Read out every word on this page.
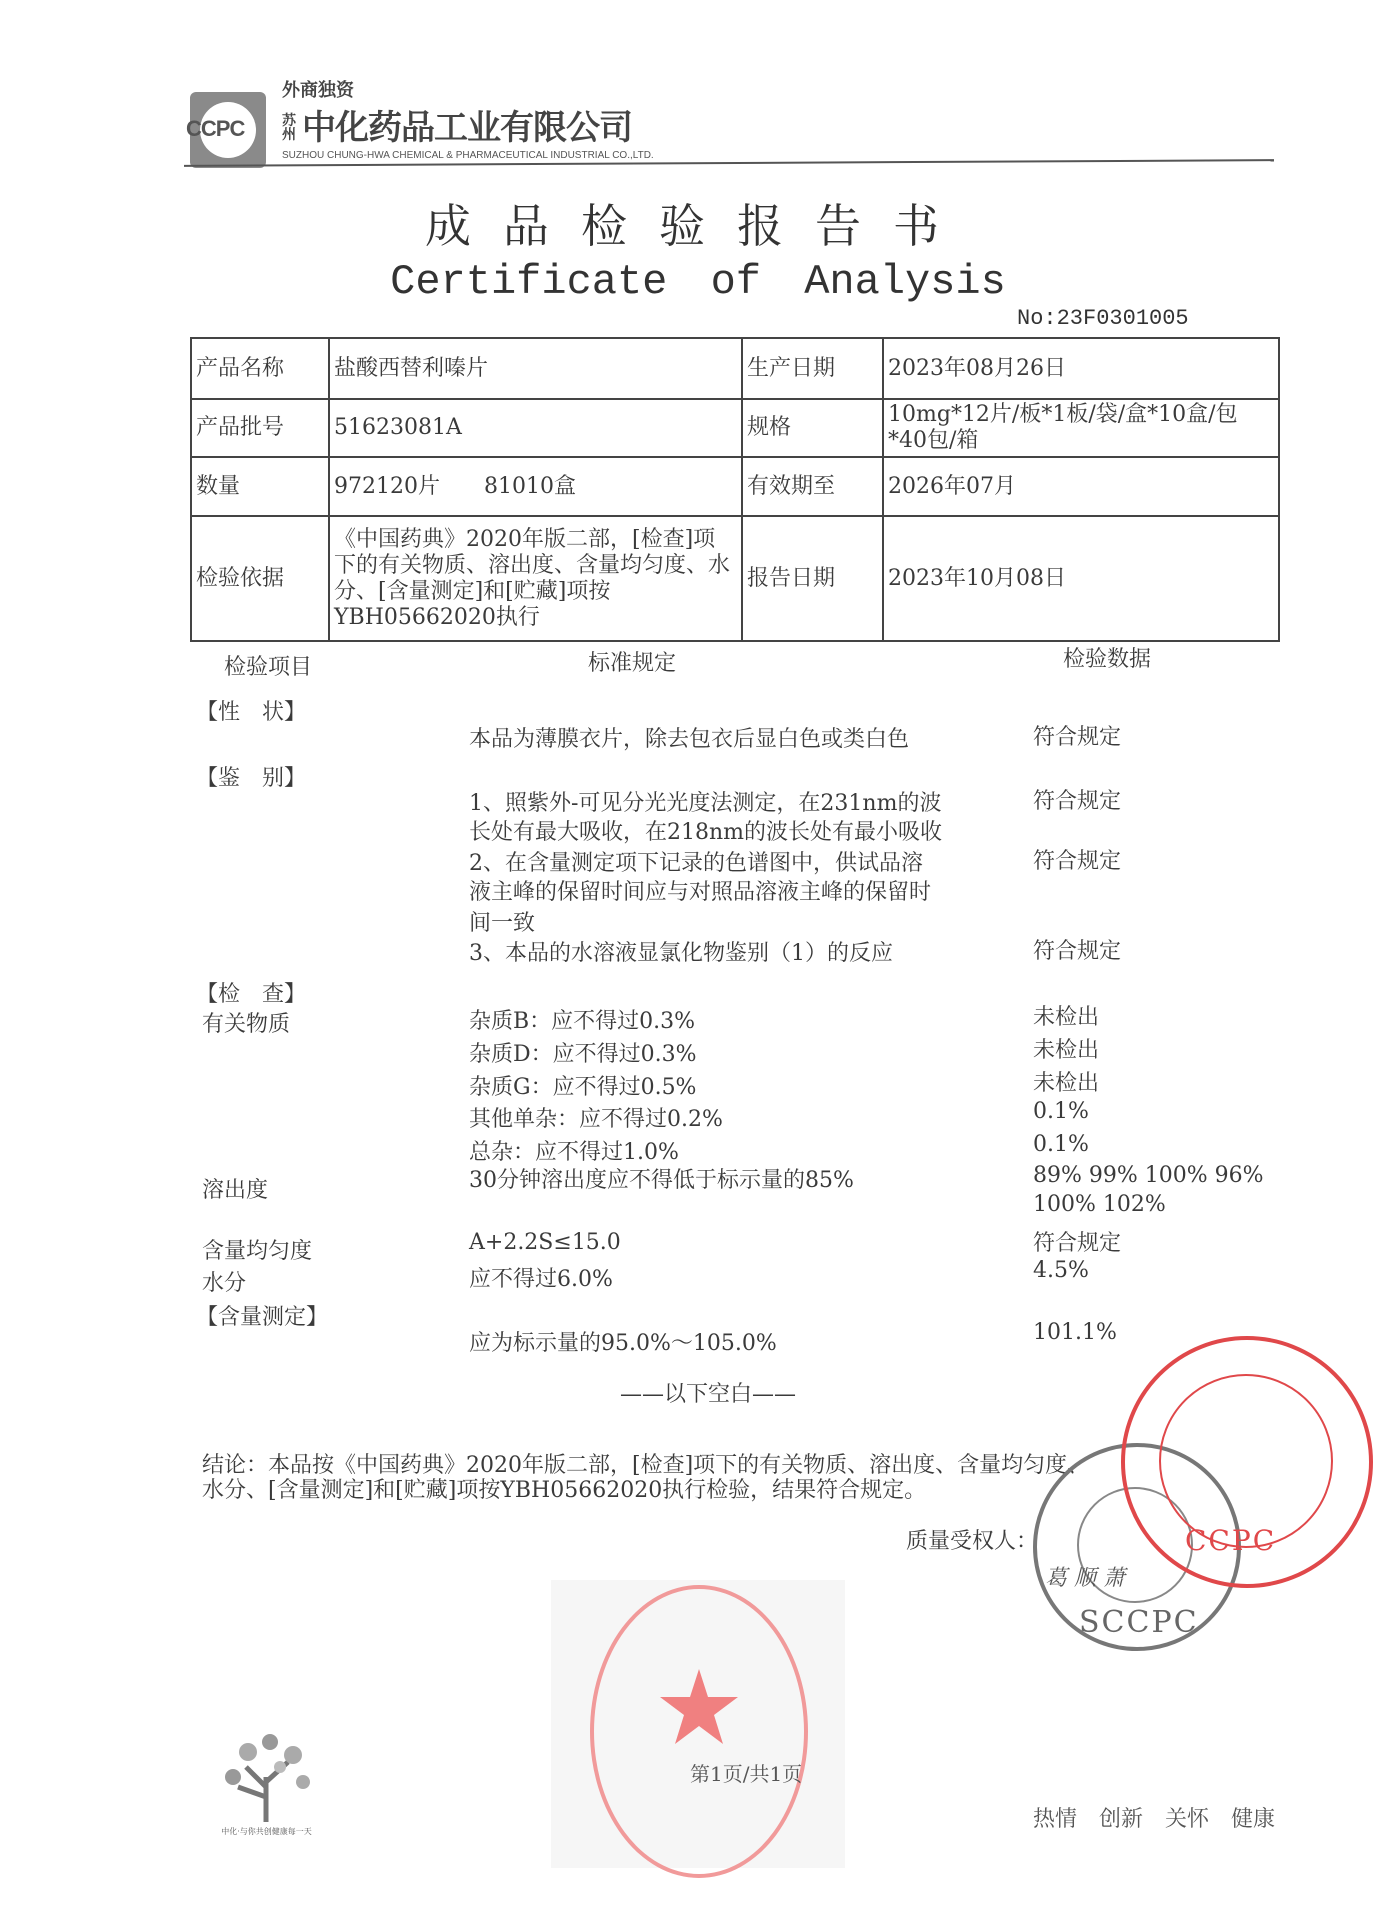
CCPC
外商独资
苏州 中化药品工业有限公司
SUZHOU CHUNG-HWA CHEMICAL & PHARMACEUTICAL INDUSTRIAL CO.,LTD.
成品检验报告书
Certificate of Analysis
No:23F0301005
产品名称	盐酸西替利嗪片	生产日期	2023年08月26日
产品批号	51623081A	规格	10mg*12片/板*1板/袋/盒*10盒/包*40包/箱
数量	972120片   81010盒	有效期至	2026年07月
检验依据	《中国药典》2020年版二部，[检查]项下的有关物质、溶出度、含量均匀度、水分、[含量测定]和[贮藏]项按YBH05662020执行	报告日期	2023年10月08日
检验项目	标准规定	检验数据
【性　状】
本品为薄膜衣片，除去包衣后显白色或类白色	符合规定
【鉴　别】
1、照紫外-可见分光光度法测定，在231nm的波
长处有最大吸收，在218nm的波长处有最小吸收
符合规定
2、在含量测定项下记录的色谱图中，供试品溶
液主峰的保留时间应与对照品溶液主峰的保留时
间一致
符合规定
3、本品的水溶液显氯化物鉴别（1）的反应	符合规定
【检　查】
有关物质	杂质B：应不得过0.3%	未检出
杂质D：应不得过0.3%	未检出
杂质G：应不得过0.5%	未检出
其他单杂：应不得过0.2%	0.1%
总杂：应不得过1.0%	0.1%
溶出度	30分钟溶出度应不得低于标示量的85%	89% 99% 100% 96%
100% 102%
含量均匀度	A+2.2S≤15.0	符合规定
水分	应不得过6.0%	4.5%
【含量测定】
应为标示量的95.0%～105.0%	101.1%
——以下空白——
结论：本品按《中国药典》2020年版二部，[检查]项下的有关物质、溶出度、含量均匀度、
水分、[含量测定]和[贮藏]项按YBH05662020执行检验，结果符合规定。
质量受权人：
SCCPC
CCPC
葛 顺 萧
第1页/共1页
热情　创新　关怀　健康
中化·与你共创健康每一天
